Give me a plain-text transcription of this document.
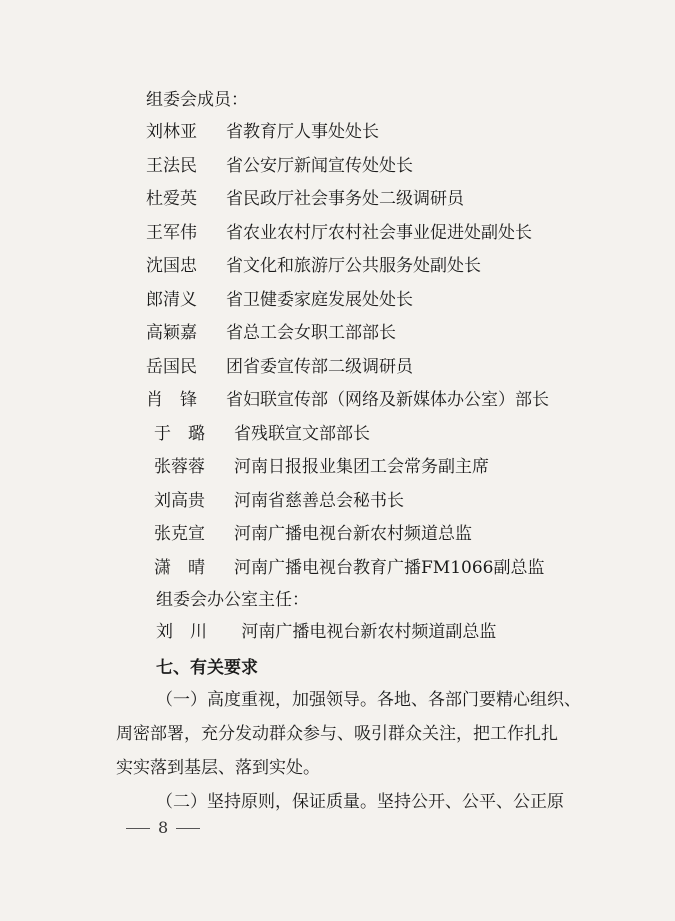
组委会成员：
刘林亚 省教育厅人事处处长
王法民 省公安厅新闻宣传处处长
杜爱英 省民政厅社会事务处二级调研员
王军伟 省农业农村厅农村社会事业促进处副处长
沈国忠 省文化和旅游厅公共服务处副处长
郎清义 省卫健委家庭发展处处长
高颖嘉 省总工会女职工部部长
岳国民 团省委宣传部二级调研员
肖　锋 省妇联宣传部（网络及新媒体办公室）部长
于　璐 省残联宣文部部长
张蓉蓉 河南日报报业集团工会常务副主席
刘高贵 河南省慈善总会秘书长
张克宣 河南广播电视台新农村频道总监
潇　晴 河南广播电视台教育广播FM1066副总监
组委会办公室主任：
刘　川 河南广播电视台新农村频道副总监
七、有关要求
（一）高度重视，加强领导。各地、各部门要精心组织、
周密部署，充分发动群众参与、吸引群众关注，把工作扎扎
实实落到基层、落到实处。
（二）坚持原则，保证质量。坚持公开、公平、公正原
8
